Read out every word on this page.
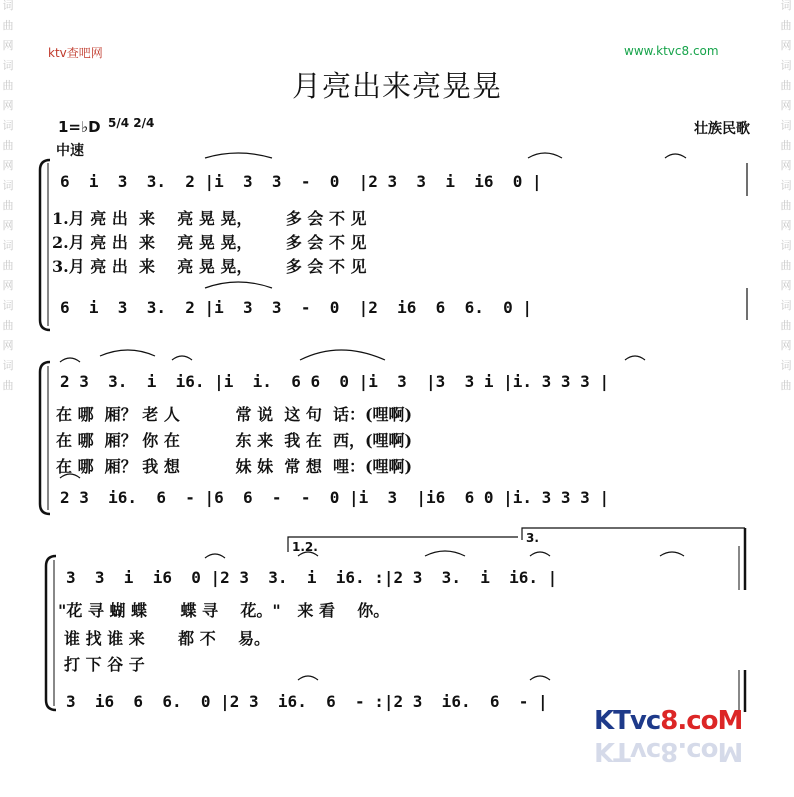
词
曲
网
词
曲
网
词
曲
网
词
曲
网
词
曲
网
词
曲
网
词
曲
词
曲
网
词
曲
网
词
曲
网
词
曲
网
词
曲
网
词
曲
网
词
曲
ktv查吧网	www.ktvc8.com
月亮出来亮晃晃
1=♭D 5/4 2/4
中速
壮族民歌
6  i  3  3.  2 |i  3  3  -  0  |2 3  3  i  i6  0 |
1.月 亮 出  来    亮 晃 晃，      多 会 不 见
2.月 亮 出  来    亮 晃 晃，      多 会 不 见
3.月 亮 出  来    亮 晃 晃，      多 会 不 见
6  i  3  3.  2 |i  3  3  -  0  |2  i6  6  6.  0 |
2 3  3.  i  i6. |i  i.  6 6  0 |i  3  |3  3 i |i. 3 3 3 |
在 哪  厢？ 老 人          常 说  这 句  话：(哩啊)
在 哪  厢？ 你 在          东 来  我 在  西，(哩啊)
在 哪  厢？ 我 想          妹 妹  常 想  哩：(哩啊)
2 3  i6.  6  - |6  6  -  -  0 |i  3  |i6  6 0 |i. 3 3 3 |
1.2.
3.
3  3  i  i6  0 |2 3  3.  i  i6. :|2 3  3.  i  i6. |
"花 寻 蝴 蝶      蝶 寻    花。"   来 看    你。
谁 找 谁 来      都 不    易。
打 下 谷 子
3  i6  6  6.  0 |2 3  i6.  6  - :|2 3  i6.  6  - |
KTvc8.coM
KTvc8.coM
